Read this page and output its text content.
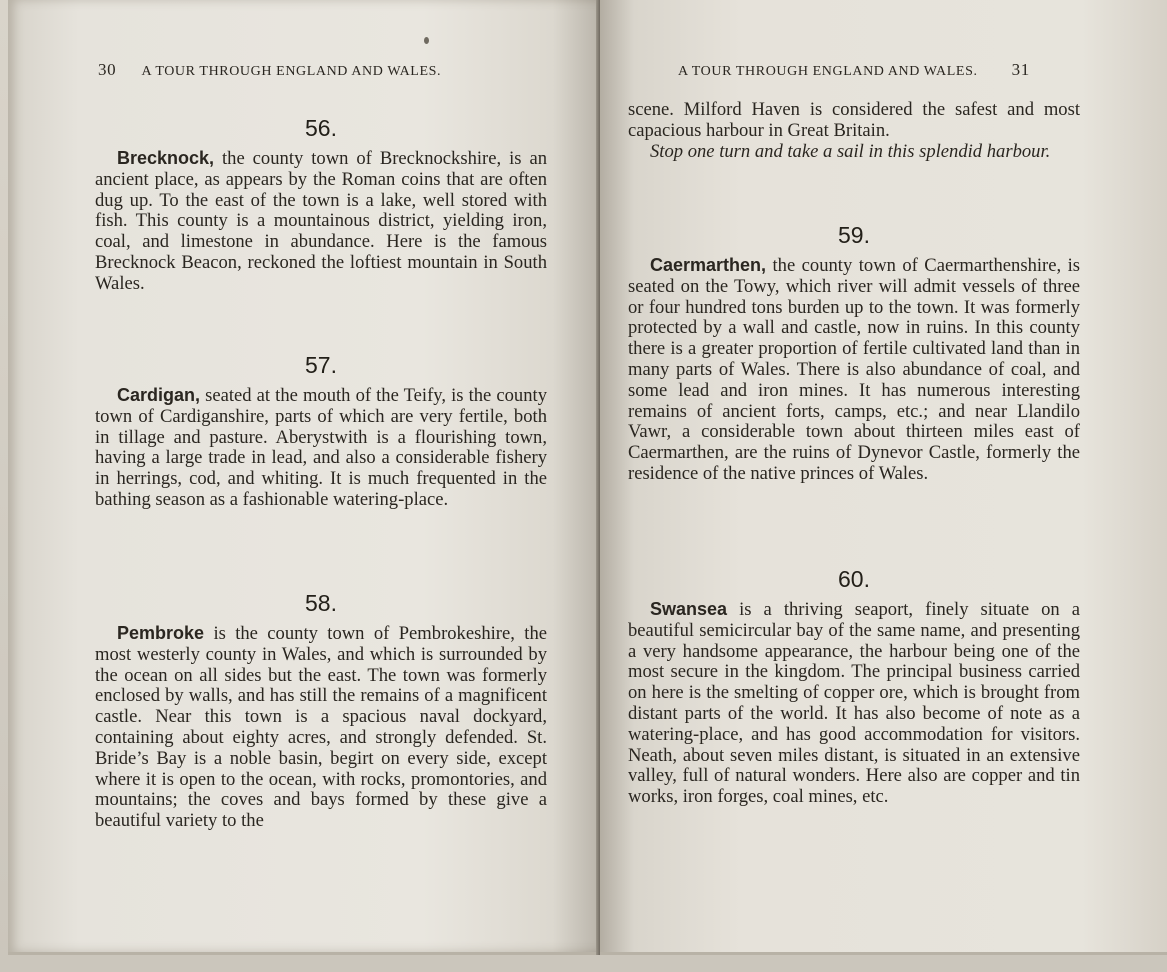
30 A TOUR THROUGH ENGLAND AND WALES.
56.

Brecknock, the county town of Brecknockshire, is an ancient place, as appears by the Roman coins that are often dug up. To the east of the town is a lake, well stored with fish. This county is a mountainous district, yielding iron, coal, and limestone in abundance. Here is the famous Brecknock Beacon, reckoned the loftiest mountain in South Wales.

57.

Cardigan, seated at the mouth of the Teify, is the county town of Cardiganshire, parts of which are very fertile, both in tillage and pasture. Aberystwith is a flourishing town, having a large trade in lead, and also a considerable fishery in herrings, cod, and whiting. It is much frequented in the bathing season as a fashionable watering-place.

58.

Pembroke is the county town of Pembrokeshire, the most westerly county in Wales, and which is surrounded by the ocean on all sides but the east. The town was formerly enclosed by walls, and has still the remains of a magnificent castle. Near this town is a spacious naval dockyard, containing about eighty acres, and strongly defended. St. Bride’s Bay is a noble basin, begirt on every side, except where it is open to the ocean, with rocks, promontories, and mountains; the coves and bays formed by these give a beautiful variety to the

A TOUR THROUGH ENGLAND AND WALES. 31

scene. Milford Haven is considered the safest and most capacious harbour in Great Britain.

Stop one turn and take a sail in this splendid harbour.

59.

Caermarthen, the county town of Caermarthenshire, is seated on the Towy, which river will admit vessels of three or four hundred tons burden up to the town. It was formerly protected by a wall and castle, now in ruins. In this county there is a greater proportion of fertile cultivated land than in many parts of Wales. There is also abundance of coal, and some lead and iron mines. It has numerous interesting remains of ancient forts, camps, etc.; and near Llandilo Vawr, a considerable town about thirteen miles east of Caermarthen, are the ruins of Dynevor Castle, formerly the residence of the native princes of Wales.

60.

Swansea is a thriving seaport, finely situate on a beautiful semicircular bay of the same name, and presenting a very handsome appearance, the harbour being one of the most secure in the kingdom. The principal business carried on here is the smelting of copper ore, which is brought from distant parts of the world. It has also become of note as a watering-place, and has good accommodation for visitors. Neath, about seven miles distant, is situated in an extensive valley, full of natural wonders. Here also are copper and tin works, iron forges, coal mines, etc.
